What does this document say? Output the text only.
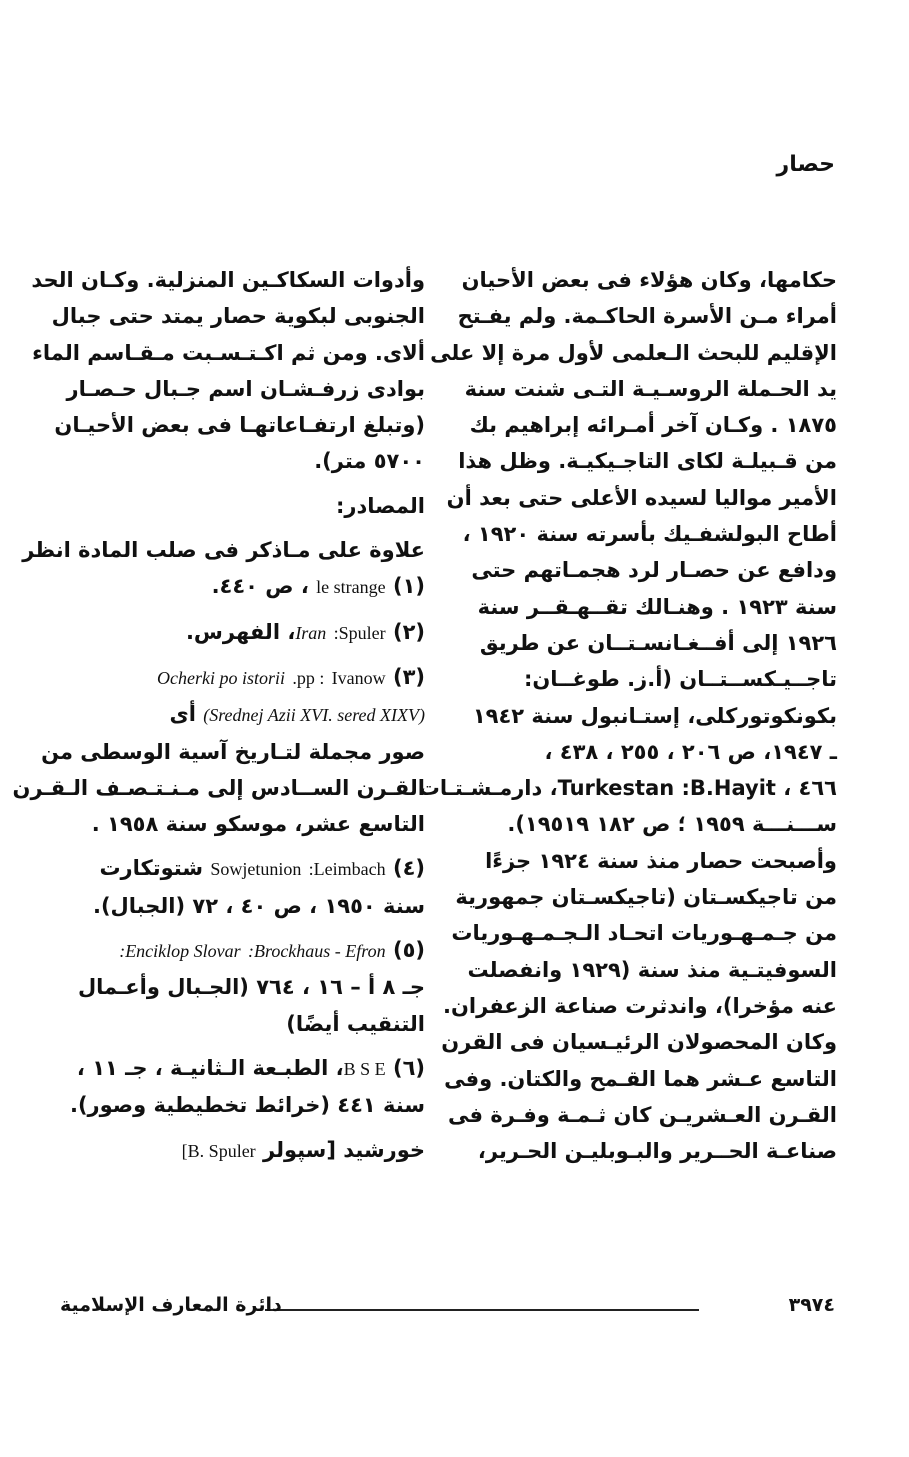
حصار
حكامها، وكان هؤلاء فى بعض الأحيان
أمراء مـن الأسرة الحاكـمة. ولم يفـتح
الإقليم للبحث الـعلمى لأول مرة إلا على
يد الحـملة الروسـيـة التـى شنت سنة
١٨٧٥ . وكـان آخر أمـرائه إبراهيم بك
من قـبيلـة لكاى التاجـيكيـة. وظل هذا
الأمير مواليا لسيده الأعلى حتى بعد أن
أطاح البولشفـيك بأسرته سنة ١٩٢٠ ،
ودافع عن حصـار لرد هجمـاتهم حتى
سنة ١٩٢٣ . وهنـالك تقــهـقــر سنة
١٩٢٦ إلى أفــغـانسـتــان عن طريق
تاجــيـكســتــان (أ.ز. طوغــان:
بكونكوتوركلى، إستـانبول سنة ١٩٤٢
ـ ١٩٤٧، ص ٢٠٦ ، ٢٥٥ ، ٤٣٨ ،
٤٦٦ ، Turkestan :B.Hayit، دارمـشـتـات
ســـنـــة ١٩٥٩ ؛ ص ١٨٢ ١٩٥١٩).
وأصبحت حصار منذ سنة ١٩٢٤ جزءًا
من تاجيكسـتان (تاجيكسـتان جمهورية
من جـمـهـوريات اتحـاد الـجـمـهـوريات
السوفيتـية منذ سنة (١٩٢٩ وانفصلت
عنه مؤخرا)، واندثرت صناعة الزعفران.
وكان المحصولان الرئيـسيان فى القرن
التاسع عـشر هما القـمح والكتان. وفى
القـرن العـشريـن كان ثـمـة وفـرة فى
صناعـة الحــرير والبـوبليـن الحـرير،
وأدوات السكاكـين المنزلية. وكـان الحد
الجنوبى لبكوية حصار يمتد حتى جبال
ألاى. ومن ثم اكـتـسـبت مـقـاسم الماء
بوادى زرفـشـان اسم جـبال حـصـار
(وتبلغ ارتفـاعاتهـا فى بعض الأحيـان
٥٧٠٠ متر).
المصادر:
علاوة على مـاذكر فى صلب المادة انظر
(١) le strange ، ص ٤٤٠.
(٢) Spuler: Iran، الفهرس.
(٣) Ivanow : pp. Ocherki po istorii
(Srednej Azii XVI. sered XIXV) أى
صور مجملة لتـاريخ آسية الوسطى من
القـرن الســادس إلى مـنـتـصـف الـقـرن
التاسع عشر، موسكو سنة ١٩٥٨ .
(٤) Leimbach: Sowjetunion شتوتكارت
سنة ١٩٥٠ ، ص ٤٠ ، ٧٢ (الجبال).
(٥) Brockhaus - Efron: Enciklop Slovar:
جـ ٨ أ – ١٦ ، ٧٦٤ (الجـبال وأعـمال
التنقيب أيضًا)
(٦) B S E، الطبـعة الـثانيـة ، جـ ١١ ،
سنة ٤٤١ (خرائط تخطيطية وصور).
خورشيد [سپولر B. Spuler]
٣٩٧٤
دائرة المعارف الإسلامية
